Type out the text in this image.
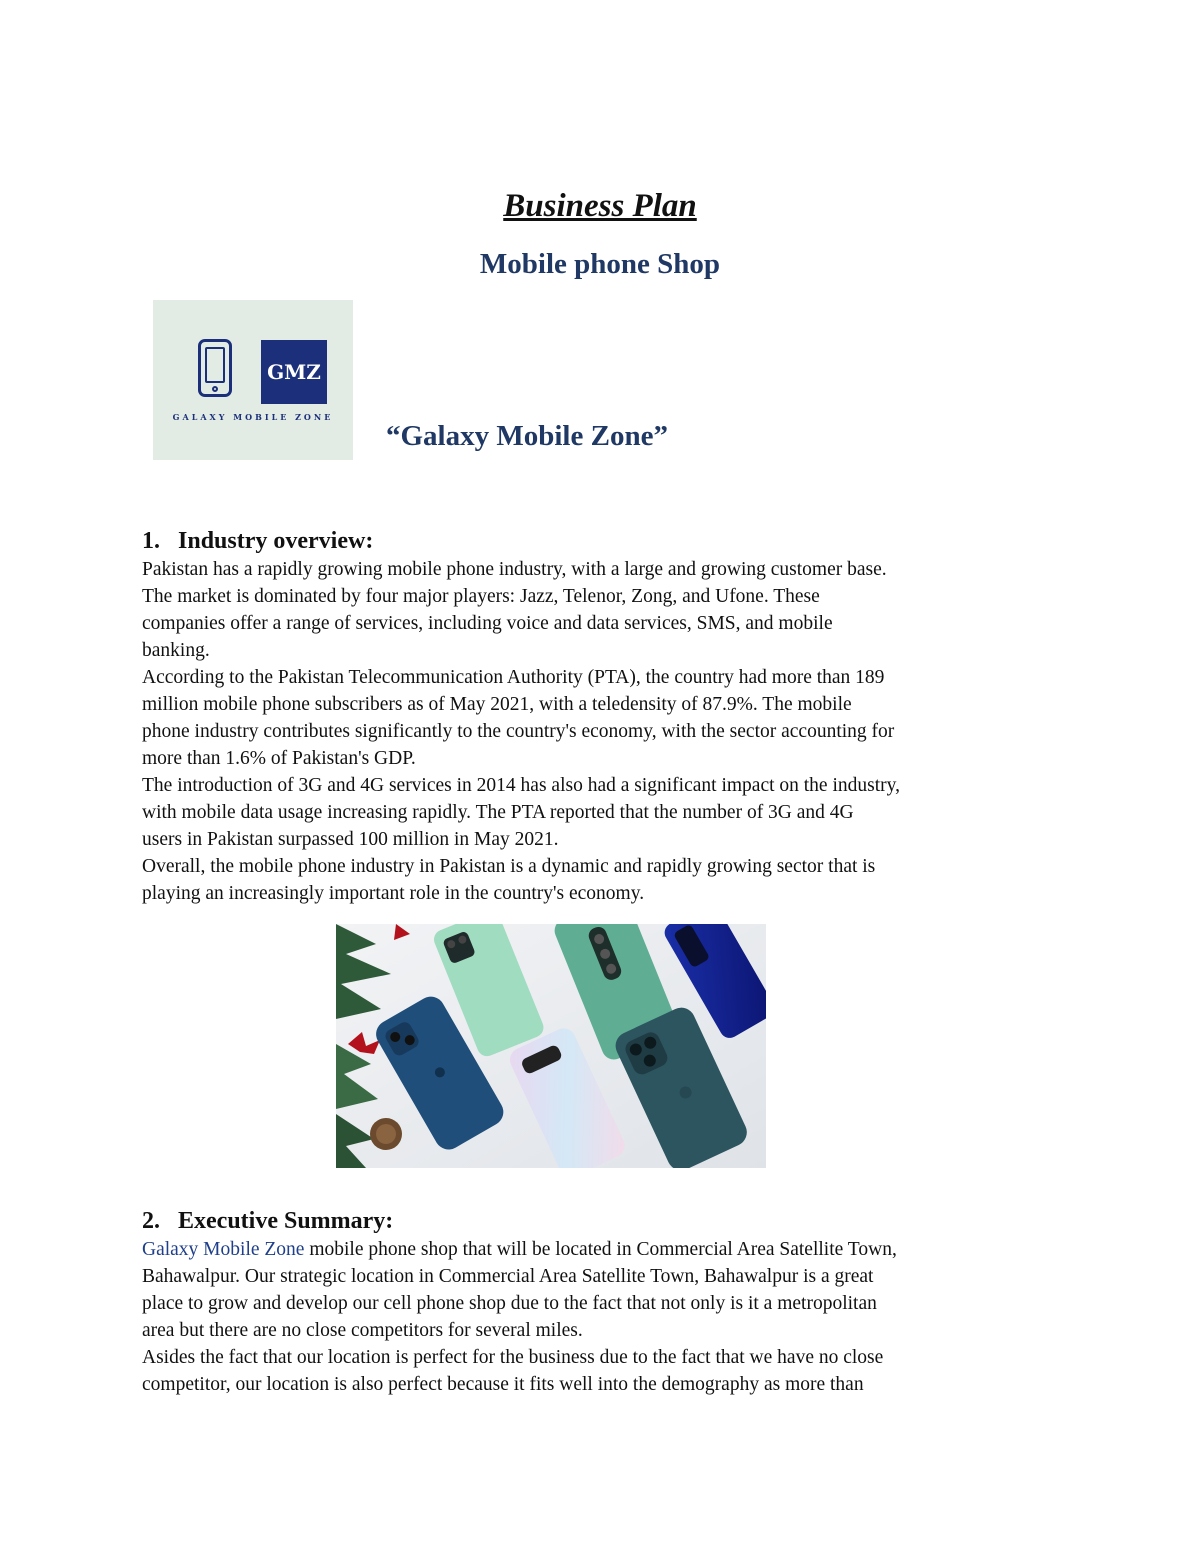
Business Plan
Mobile phone Shop
GMZ
GALAXY MOBILE ZONE
“Galaxy Mobile Zone”
1. Industry overview:

Pakistan has a rapidly growing mobile phone industry, with a large and growing customer base.

The market is dominated by four major players: Jazz, Telenor, Zong, and Ufone. These

companies offer a range of services, including voice and data services, SMS, and mobile

banking.

According to the Pakistan Telecommunication Authority (PTA), the country had more than 189

million mobile phone subscribers as of May 2021, with a teledensity of 87.9%. The mobile

phone industry contributes significantly to the country's economy, with the sector accounting for

more than 1.6% of Pakistan's GDP.

The introduction of 3G and 4G services in 2014 has also had a significant impact on the industry,

with mobile data usage increasing rapidly. The PTA reported that the number of 3G and 4G

users in Pakistan surpassed 100 million in May 2021.

Overall, the mobile phone industry in Pakistan is a dynamic and rapidly growing sector that is

playing an increasingly important role in the country's economy.

2. Executive Summary:

Galaxy Mobile Zone mobile phone shop that will be located in Commercial Area Satellite Town,

Bahawalpur. Our strategic location in Commercial Area Satellite Town, Bahawalpur is a great

place to grow and develop our cell phone shop due to the fact that not only is it a metropolitan

area but there are no close competitors for several miles.

Asides the fact that our location is perfect for the business due to the fact that we have no close

competitor, our location is also perfect because it fits well into the demography as more than
